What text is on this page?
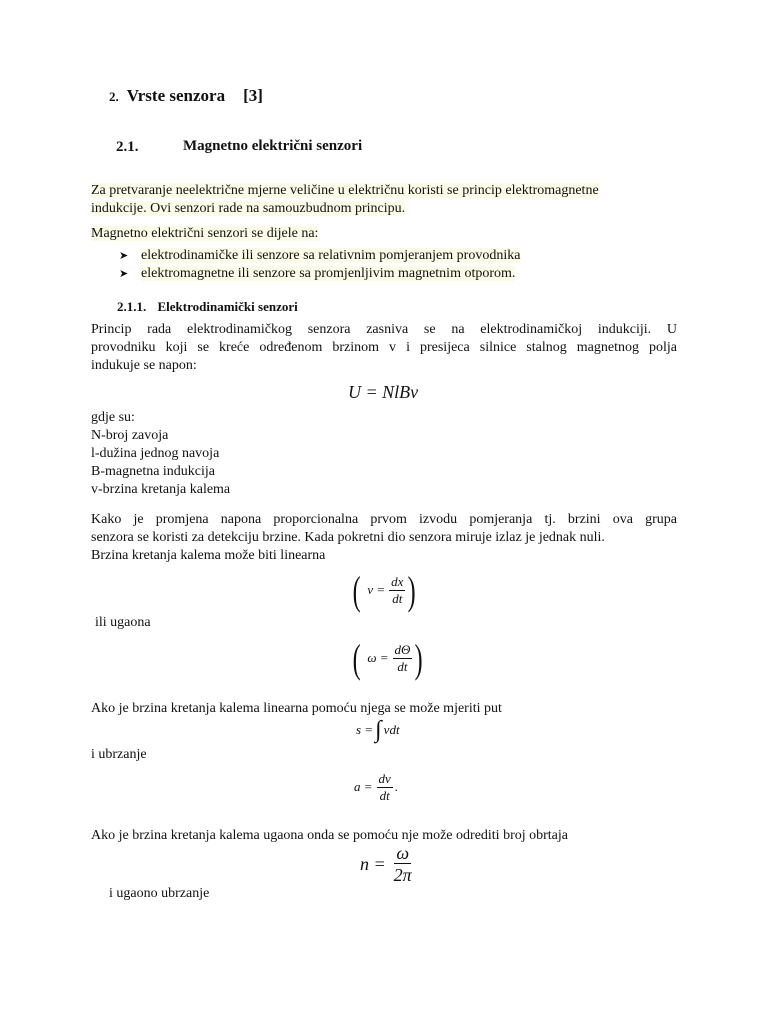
2. Vrste senzora [3]
2.1.	Magnetno električni senzori
Za pretvaranje neelektrične mjerne veličine u električnu koristi se princip elektromagnetne
indukcije. Ovi senzori rade na samouzbudnom principu.
Magnetno električni senzori se dijele na:
➤ elektrodinamičke ili senzore sa relativnim pomjeranjem provodnika
➤ elektromagnetne ili senzore sa promjenljivim magnetnim otporom.
2.1.1. Elektrodinamički senzori
Princip rada elektrodinamičkog senzora zasniva se na elektrodinamičkoj indukciji. U
provodniku koji se kreće određenom brzinom v i presijeca silnice stalnog magnetnog polja
indukuje se napon:
U = NlBv
gdje su:
N-broj zavoja
l-dužina jednog navoja
B-magnetna indukcija
v-brzina kretanja kalema
Kako je promjena napona proporcionalna prvom izvodu pomjeranja tj. brzini ova grupa
senzora se koristi za detekciju brzine. Kada pokretni dio senzora miruje izlaz je jednak nuli.
Brzina kretanja kalema može biti linearna
( $v = \frac{dx}{dt}$ )
ili ugaona
( $\omega = \frac{d\Theta}{dt}$ )
Ako je brzina kretanja kalema linearna pomoću njega se može mjeriti put
s = ∫ vdt
i ubrzanje
$a = \frac{dv}{dt}$ .
Ako je brzina kretanja kalema ugaona onda se pomoću nje može odrediti broj obrtaja
$n = \frac{\omega}{2\pi}$
i ugaono ubrzanje
